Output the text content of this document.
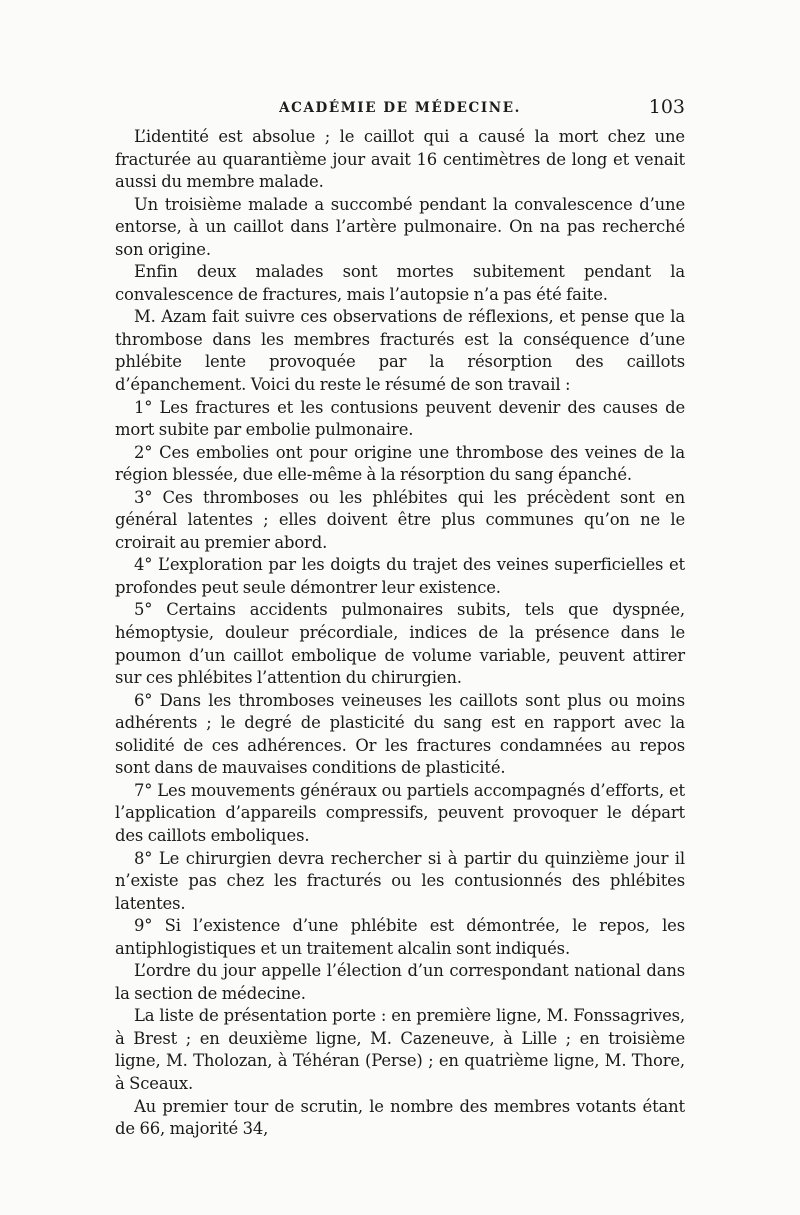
ACADÉMIE DE MÉDECINE.	103

L’identité est absolue ; le caillot qui a causé la mort chez une fracturée au quarantième jour avait 16 centimètres de long et venait aussi du membre malade.

Un troisième malade a succombé pendant la convalescence d’une entorse, à un caillot dans l’artère pulmonaire. On na pas recherché son origine.

Enfin deux malades sont mortes subitement pendant la convalescence de fractures, mais l’autopsie n’a pas été faite.

M. Azam fait suivre ces observations de réflexions, et pense que la thrombose dans les membres fracturés est la conséquence d’une phlébite lente provoquée par la résorption des caillots d’épanchement. Voici du reste le résumé de son travail :

1° Les fractures et les contusions peuvent devenir des causes de mort subite par embolie pulmonaire.

2° Ces embolies ont pour origine une thrombose des veines de la région blessée, due elle-même à la résorption du sang épanché.

3° Ces thromboses ou les phlébites qui les précèdent sont en général latentes ; elles doivent être plus communes qu’on ne le croirait au premier abord.

4° L’exploration par les doigts du trajet des veines superficielles et profondes peut seule démontrer leur existence.

5° Certains accidents pulmonaires subits, tels que dyspnée, hémoptysie, douleur précordiale, indices de la présence dans le poumon d’un caillot embolique de volume variable, peuvent attirer sur ces phlébites l’attention du chirurgien.

6° Dans les thromboses veineuses les caillots sont plus ou moins adhérents ; le degré de plasticité du sang est en rapport avec la solidité de ces adhérences. Or les fractures condamnées au repos sont dans de mauvaises conditions de plasticité.

7° Les mouvements généraux ou partiels accompagnés d’efforts, et l’application d’appareils compressifs, peuvent provoquer le départ des caillots emboliques.

8° Le chirurgien devra rechercher si à partir du quinzième jour il n’existe pas chez les fracturés ou les contusionnés des phlébites latentes.

9° Si l’existence d’une phlébite est démontrée, le repos, les antiphlogistiques et un traitement alcalin sont indiqués.

L’ordre du jour appelle l’élection d’un correspondant national dans la section de médecine.

La liste de présentation porte : en première ligne, M. Fonssagrives, à Brest ; en deuxième ligne, M. Cazeneuve, à Lille ; en troisième ligne, M. Tholozan, à Téhéran (Perse) ; en quatrième ligne, M. Thore, à Sceaux.

Au premier tour de scrutin, le nombre des membres votants étant de 66, majorité 34,
